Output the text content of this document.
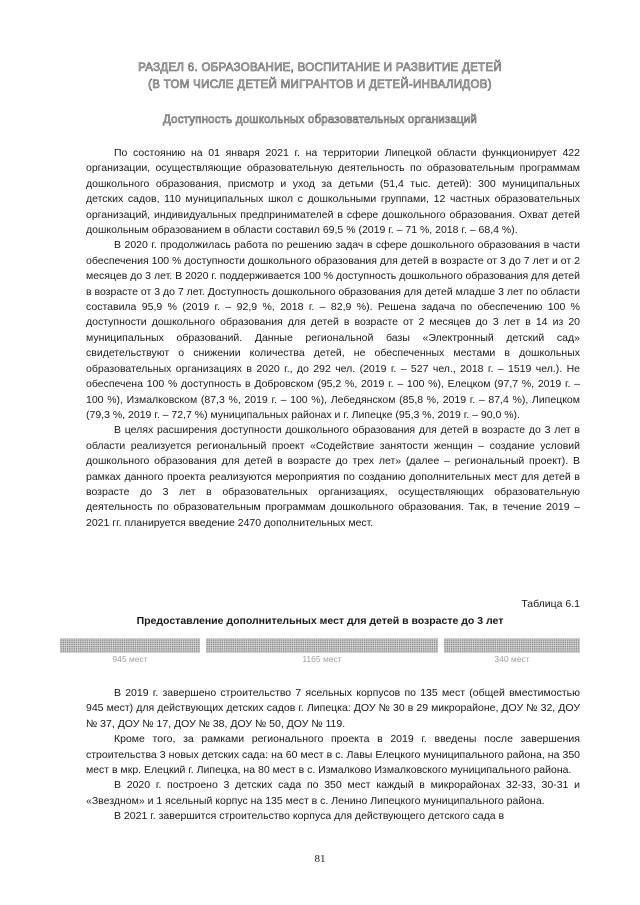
РАЗДЕЛ 6. ОБРАЗОВАНИЕ, ВОСПИТАНИЕ И РАЗВИТИЕ ДЕТЕЙ
(В ТОМ ЧИСЛЕ ДЕТЕЙ МИГРАНТОВ И ДЕТЕЙ-ИНВАЛИДОВ)
Доступность дошкольных образовательных организаций

По состоянию на 01 января 2021 г. на территории Липецкой области функционирует 422 организации, осуществляющие образовательную деятельность по образовательным программам дошкольного образования, присмотр и уход за детьми (51,4 тыс. детей): 300 муниципальных детских садов, 110 муниципальных школ с дошкольными группами, 12 частных образовательных организаций, индивидуальных предпринимателей в сфере дошкольного образования. Охват детей дошкольным образованием в области составил 69,5 % (2019 г. – 71 %, 2018 г. – 68,4 %).

В 2020 г. продолжилась работа по решению задач в сфере дошкольного образования в части обеспечения 100 % доступности дошкольного образования для детей в возрасте от 3 до 7 лет и от 2 месяцев до 3 лет. В 2020 г. поддерживается 100 % доступность дошкольного образования для детей в возрасте от 3 до 7 лет. Доступность дошкольного образования для детей младше 3 лет по области составила 95,9 % (2019 г. – 92,9 %, 2018 г. – 82,9 %). Решена задача по обеспечению 100 % доступности дошкольного образования для детей в возрасте от 2 месяцев до 3 лет в 14 из 20 муниципальных образований. Данные региональной базы «Электронный детский сад» свидетельствуют о снижении количества детей, не обеспеченных местами в дошкольных образовательных организациях в 2020 г., до 292 чел. (2019 г. – 527 чел., 2018 г. – 1519 чел.). Не обеспечена 100 % доступность в Добровском (95,2 %, 2019 г. – 100 %), Елецком (97,7 %, 2019 г. – 100 %), Измалковском (87,3 %, 2019 г. – 100 %), Лебедянском (85,8 %, 2019 г. – 87,4 %), Липецком (79,3 %, 2019 г. – 72,7 %) муниципальных районах и г. Липецке (95,3 %, 2019 г. – 90,0 %).

В целях расширения доступности дошкольного образования для детей в возрасте до 3 лет в области реализуется региональный проект «Содействие занятости женщин – создание условий дошкольного образования для детей в возрасте до трех лет» (далее – региональный проект). В рамках данного проекта реализуются мероприятия по созданию дополнительных мест для детей в возрасте до 3 лет в образовательных организациях, осуществляющих образовательную деятельность по образовательным программам дошкольного образования. Так, в течение 2019 – 2021 гг. планируется введение 2470 дополнительных мест.

Таблица 6.1
Предоставление дополнительных мест для детей в возрасте до 3 лет
945 мест	1165 мест	340 мест

В 2019 г. завершено строительство 7 ясельных корпусов по 135 мест (общей вместимостью 945 мест) для действующих детских садов г. Липецка: ДОУ № 30 в 29 микрорайоне, ДОУ № 32, ДОУ № 37, ДОУ № 17, ДОУ № 38, ДОУ № 50, ДОУ № 119.

Кроме того, за рамками регионального проекта в 2019 г. введены после завершения строительства 3 новых детских сада: на 60 мест в с. Лавы Елецкого муниципального района, на 350 мест в мкр. Елецкий г. Липецка, на 80 мест в с. Измалково Измалковского муниципального района.

В 2020 г. построено 3 детских сада по 350 мест каждый в микрорайонах 32-33, 30-31 и «Звездном» и 1 ясельный корпус на 135 мест в с. Ленино Липецкого муниципального района.

В 2021 г. завершится строительство корпуса для действующего детского сада в

81
